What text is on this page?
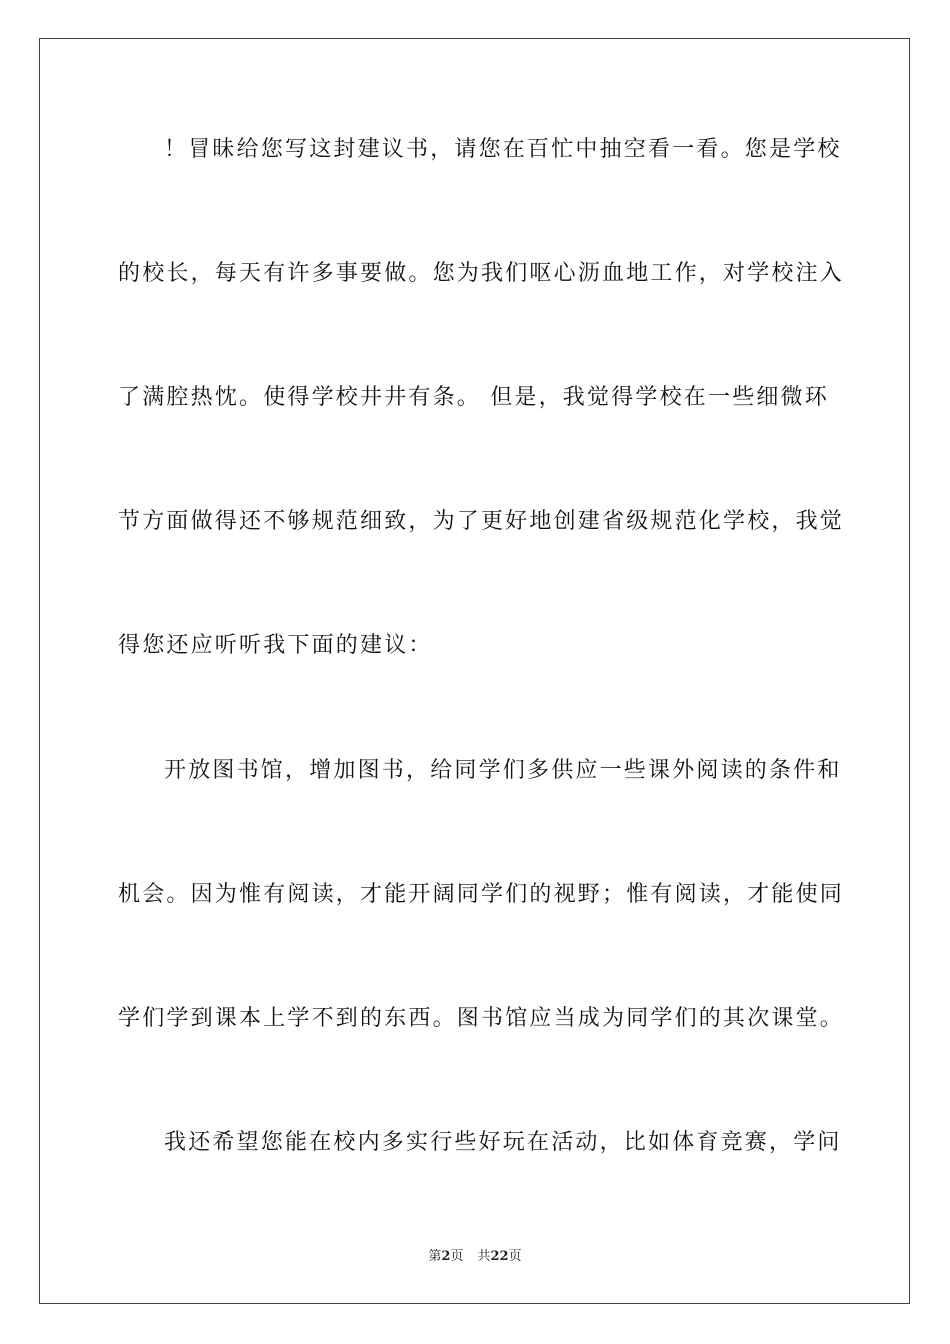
！冒昧给您写这封建议书，请您在百忙中抽空看一看。您是学校
的校长，每天有许多事要做。您为我们呕心沥血地工作，对学校注入
了满腔热忱。使得学校井井有条。 但是，我觉得学校在一些细微环
节方面做得还不够规范细致，为了更好地创建省级规范化学校，我觉
得您还应听听我下面的建议：
开放图书馆，增加图书，给同学们多供应一些课外阅读的条件和
机会。因为惟有阅读，才能开阔同学们的视野；惟有阅读，才能使同
学们学到课本上学不到的东西。图书馆应当成为同学们的其次课堂。
我还希望您能在校内多实行些好玩在活动，比如体育竞赛，学问
第2页 共22页
